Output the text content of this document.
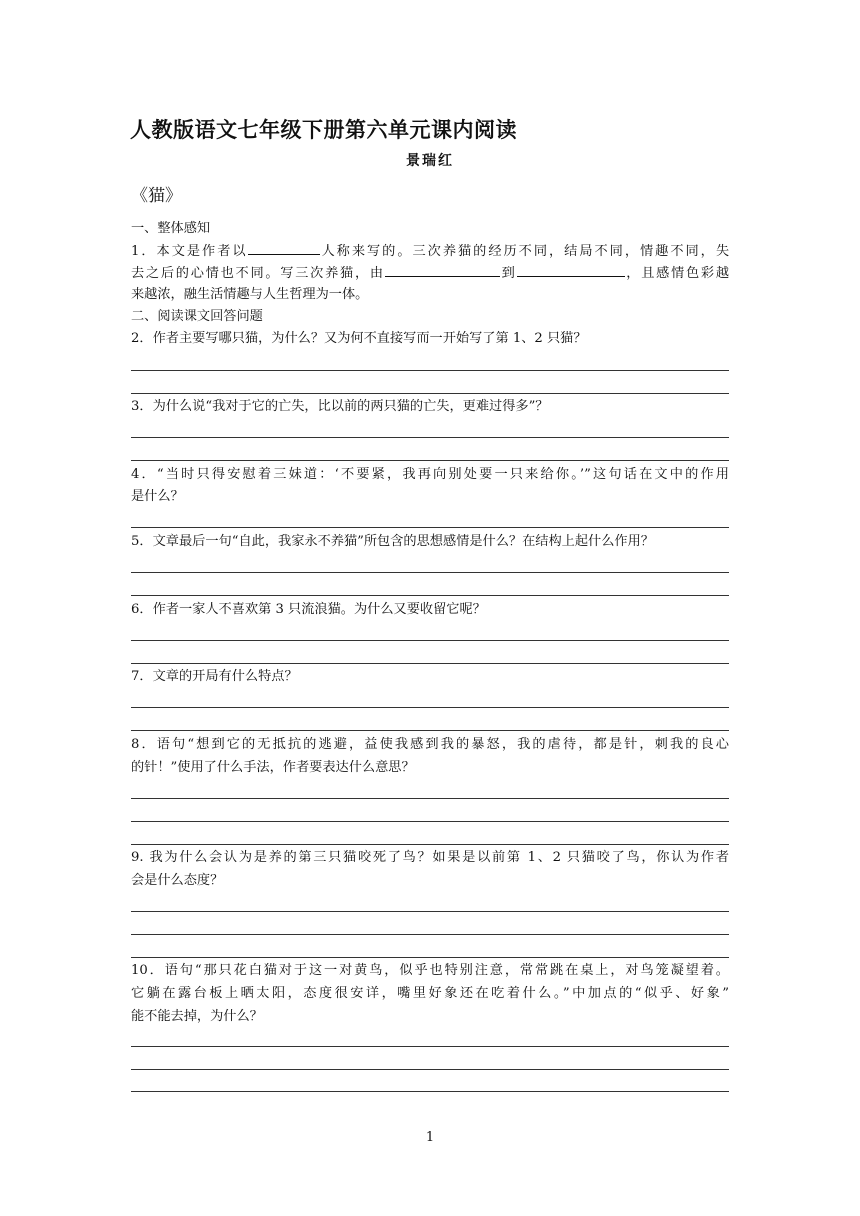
人教版语文七年级下册第六单元课内阅读
景瑞红
《猫》
一、整体感知
1．本文是作者以	人称来写的。三次养猫的经历不同，结局不同，情趣不同，失
去之后的心情也不同。写三次养猫，由	到	，且感情色彩越
来越浓，融生活情趣与人生哲理为一体。
二、阅读课文回答问题
2．作者主要写哪只猫，为什么？又为何不直接写而一开始写了第 1、2 只猫？
3．为什么说“我对于它的亡失，比以前的两只猫的亡失，更难过得多”？
4．“当时只得安慰着三妹道：‘不要紧，我再向别处要一只来给你。’”这句话在文中的作用
是什么？
5．文章最后一句“自此，我家永不养猫”所包含的思想感情是什么？在结构上起什么作用？
6．作者一家人不喜欢第 3 只流浪猫。为什么又要收留它呢？
7．文章的开局有什么特点？
8．语句“想到它的无抵抗的逃避，益使我感到我的暴怒，我的虐待，都是针，刺我的良心
的针！”使用了什么手法，作者要表达什么意思？
9. 我为什么会认为是养的第三只猫咬死了鸟？如果是以前第 1、2 只猫咬了鸟，你认为作者
会是什么态度？
10．语句“那只花白猫对于这一对黄鸟，似乎也特别注意，常常跳在桌上，对鸟笼凝望着。
它躺在露台板上晒太阳，态度很安详，嘴里好象还在吃着什么。”中加点的“似乎、好象”
能不能去掉，为什么？
1
